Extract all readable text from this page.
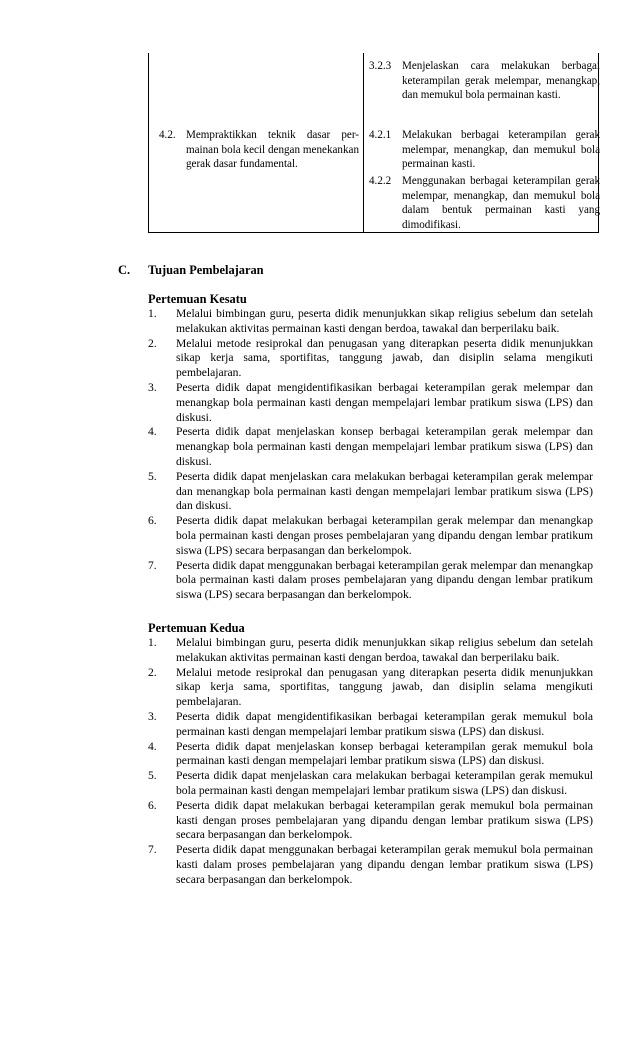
4.2. Mempraktikkan teknik dasar per-mainan bola kecil dengan menekankan gerak dasar fundamental.
3.2.3 Menjelaskan cara melakukan berbagai keterampilan gerak melempar, menangkap, dan memukul bola permainan kasti.
4.2.1 Melakukan berbagai keterampilan gerak melempar, menangkap, dan memukul bola permainan kasti.
4.2.2 Menggunakan berbagai keterampilan gerak melempar, menangkap, dan memukul bola dalam bentuk permainan kasti yang dimodifikasi.
C. Tujuan Pembelajaran
Pertemuan Kesatu
1. Melalui bimbingan guru, peserta didik menunjukkan sikap religius sebelum dan setelah melakukan aktivitas permainan kasti dengan berdoa, tawakal dan berperilaku baik.
2. Melalui metode resiprokal dan penugasan yang diterapkan peserta didik menunjukkan sikap kerja sama, sportifitas, tanggung jawab, dan disiplin selama mengikuti pembelajaran.
3. Peserta didik dapat mengidentifikasikan berbagai keterampilan gerak melempar dan menangkap bola permainan kasti dengan mempelajari lembar pratikum siswa (LPS) dan diskusi.
4. Peserta didik dapat menjelaskan konsep berbagai keterampilan gerak melempar dan menangkap bola permainan kasti dengan mempelajari lembar pratikum siswa (LPS) dan diskusi.
5. Peserta didik dapat menjelaskan cara melakukan berbagai keterampilan gerak melempar dan menangkap bola permainan kasti dengan mempelajari lembar pratikum siswa (LPS) dan diskusi.
6. Peserta didik dapat melakukan berbagai keterampilan gerak melempar dan menangkap bola permainan kasti dengan proses pembelajaran yang dipandu dengan lembar pratikum siswa (LPS) secara berpasangan dan berkelompok.
7. Peserta didik dapat menggunakan berbagai keterampilan gerak melempar dan menangkap bola permainan kasti dalam proses pembelajaran yang dipandu dengan lembar pratikum siswa (LPS) secara berpasangan dan berkelompok.
Pertemuan Kedua
1. Melalui bimbingan guru, peserta didik menunjukkan sikap religius sebelum dan setelah melakukan aktivitas permainan kasti dengan berdoa, tawakal dan berperilaku baik.
2. Melalui metode resiprokal dan penugasan yang diterapkan peserta didik menunjukkan sikap kerja sama, sportifitas, tanggung jawab, dan disiplin selama mengikuti pembelajaran.
3. Peserta didik dapat mengidentifikasikan berbagai keterampilan gerak memukul bola permainan kasti dengan mempelajari lembar pratikum siswa (LPS) dan diskusi.
4. Peserta didik dapat menjelaskan konsep berbagai keterampilan gerak memukul bola permainan kasti dengan mempelajari lembar pratikum siswa (LPS) dan diskusi.
5. Peserta didik dapat menjelaskan cara melakukan berbagai keterampilan gerak memukul bola permainan kasti dengan mempelajari lembar pratikum siswa (LPS) dan diskusi.
6. Peserta didik dapat melakukan berbagai keterampilan gerak memukul bola permainan kasti dengan proses pembelajaran yang dipandu dengan lembar pratikum siswa (LPS) secara berpasangan dan berkelompok.
7. Peserta didik dapat menggunakan berbagai keterampilan gerak memukul bola permainan kasti dalam proses pembelajaran yang dipandu dengan lembar pratikum siswa (LPS) secara berpasangan dan berkelompok.
